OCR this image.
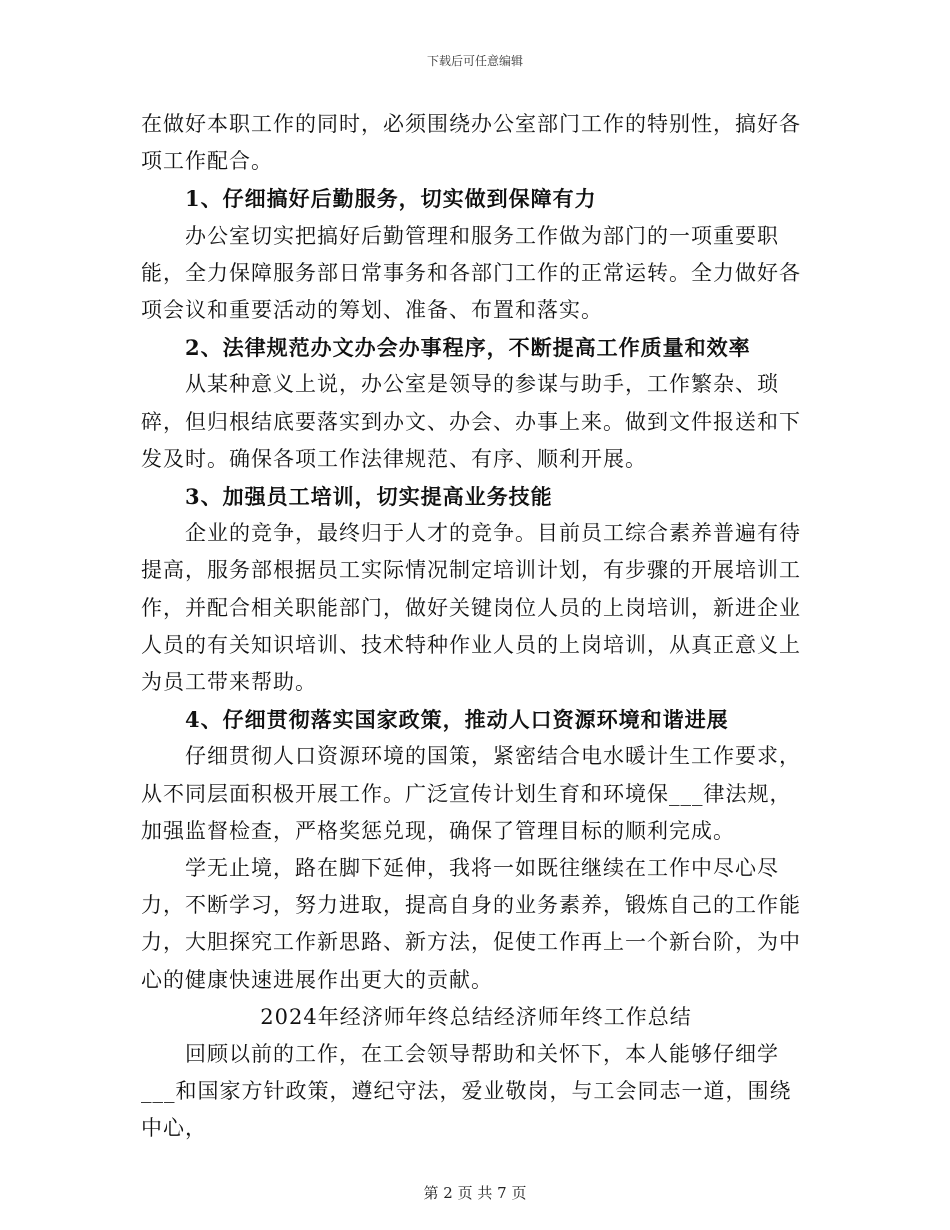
下载后可任意编辑

在做好本职工作的同时，必须围绕办公室部门工作的特别性，搞好各项工作配合。

1、仔细搞好后勤服务，切实做到保障有力

办公室切实把搞好后勤管理和服务工作做为部门的一项重要职能，全力保障服务部日常事务和各部门工作的正常运转。全力做好各项会议和重要活动的筹划、准备、布置和落实。

2、法律规范办文办会办事程序，不断提高工作质量和效率

从某种意义上说，办公室是领导的参谋与助手，工作繁杂、琐碎，但归根结底要落实到办文、办会、办事上来。做到文件报送和下发及时。确保各项工作法律规范、有序、顺利开展。

3、加强员工培训，切实提高业务技能

企业的竞争，最终归于人才的竞争。目前员工综合素养普遍有待提高，服务部根据员工实际情况制定培训计划，有步骤的开展培训工作，并配合相关职能部门，做好关键岗位人员的上岗培训，新进企业人员的有关知识培训、技术特种作业人员的上岗培训，从真正意义上为员工带来帮助。

4、仔细贯彻落实国家政策，推动人口资源环境和谐进展

仔细贯彻人口资源环境的国策，紧密结合电水暖计生工作要求，从不同层面积极开展工作。广泛宣传计划生育和环境保___律法规，加强监督检查，严格奖惩兑现，确保了管理目标的顺利完成。

学无止境，路在脚下延伸，我将一如既往继续在工作中尽心尽力，不断学习，努力进取，提高自身的业务素养，锻炼自己的工作能力，大胆探究工作新思路、新方法，促使工作再上一个新台阶，为中心的健康快速进展作出更大的贡献。

2024年经济师年终总结经济师年终工作总结

回顾以前的工作，在工会领导帮助和关怀下，本人能够仔细学___和国家方针政策，遵纪守法，爱业敬岗，与工会同志一道，围绕中心，

第 2 页 共 7 页
